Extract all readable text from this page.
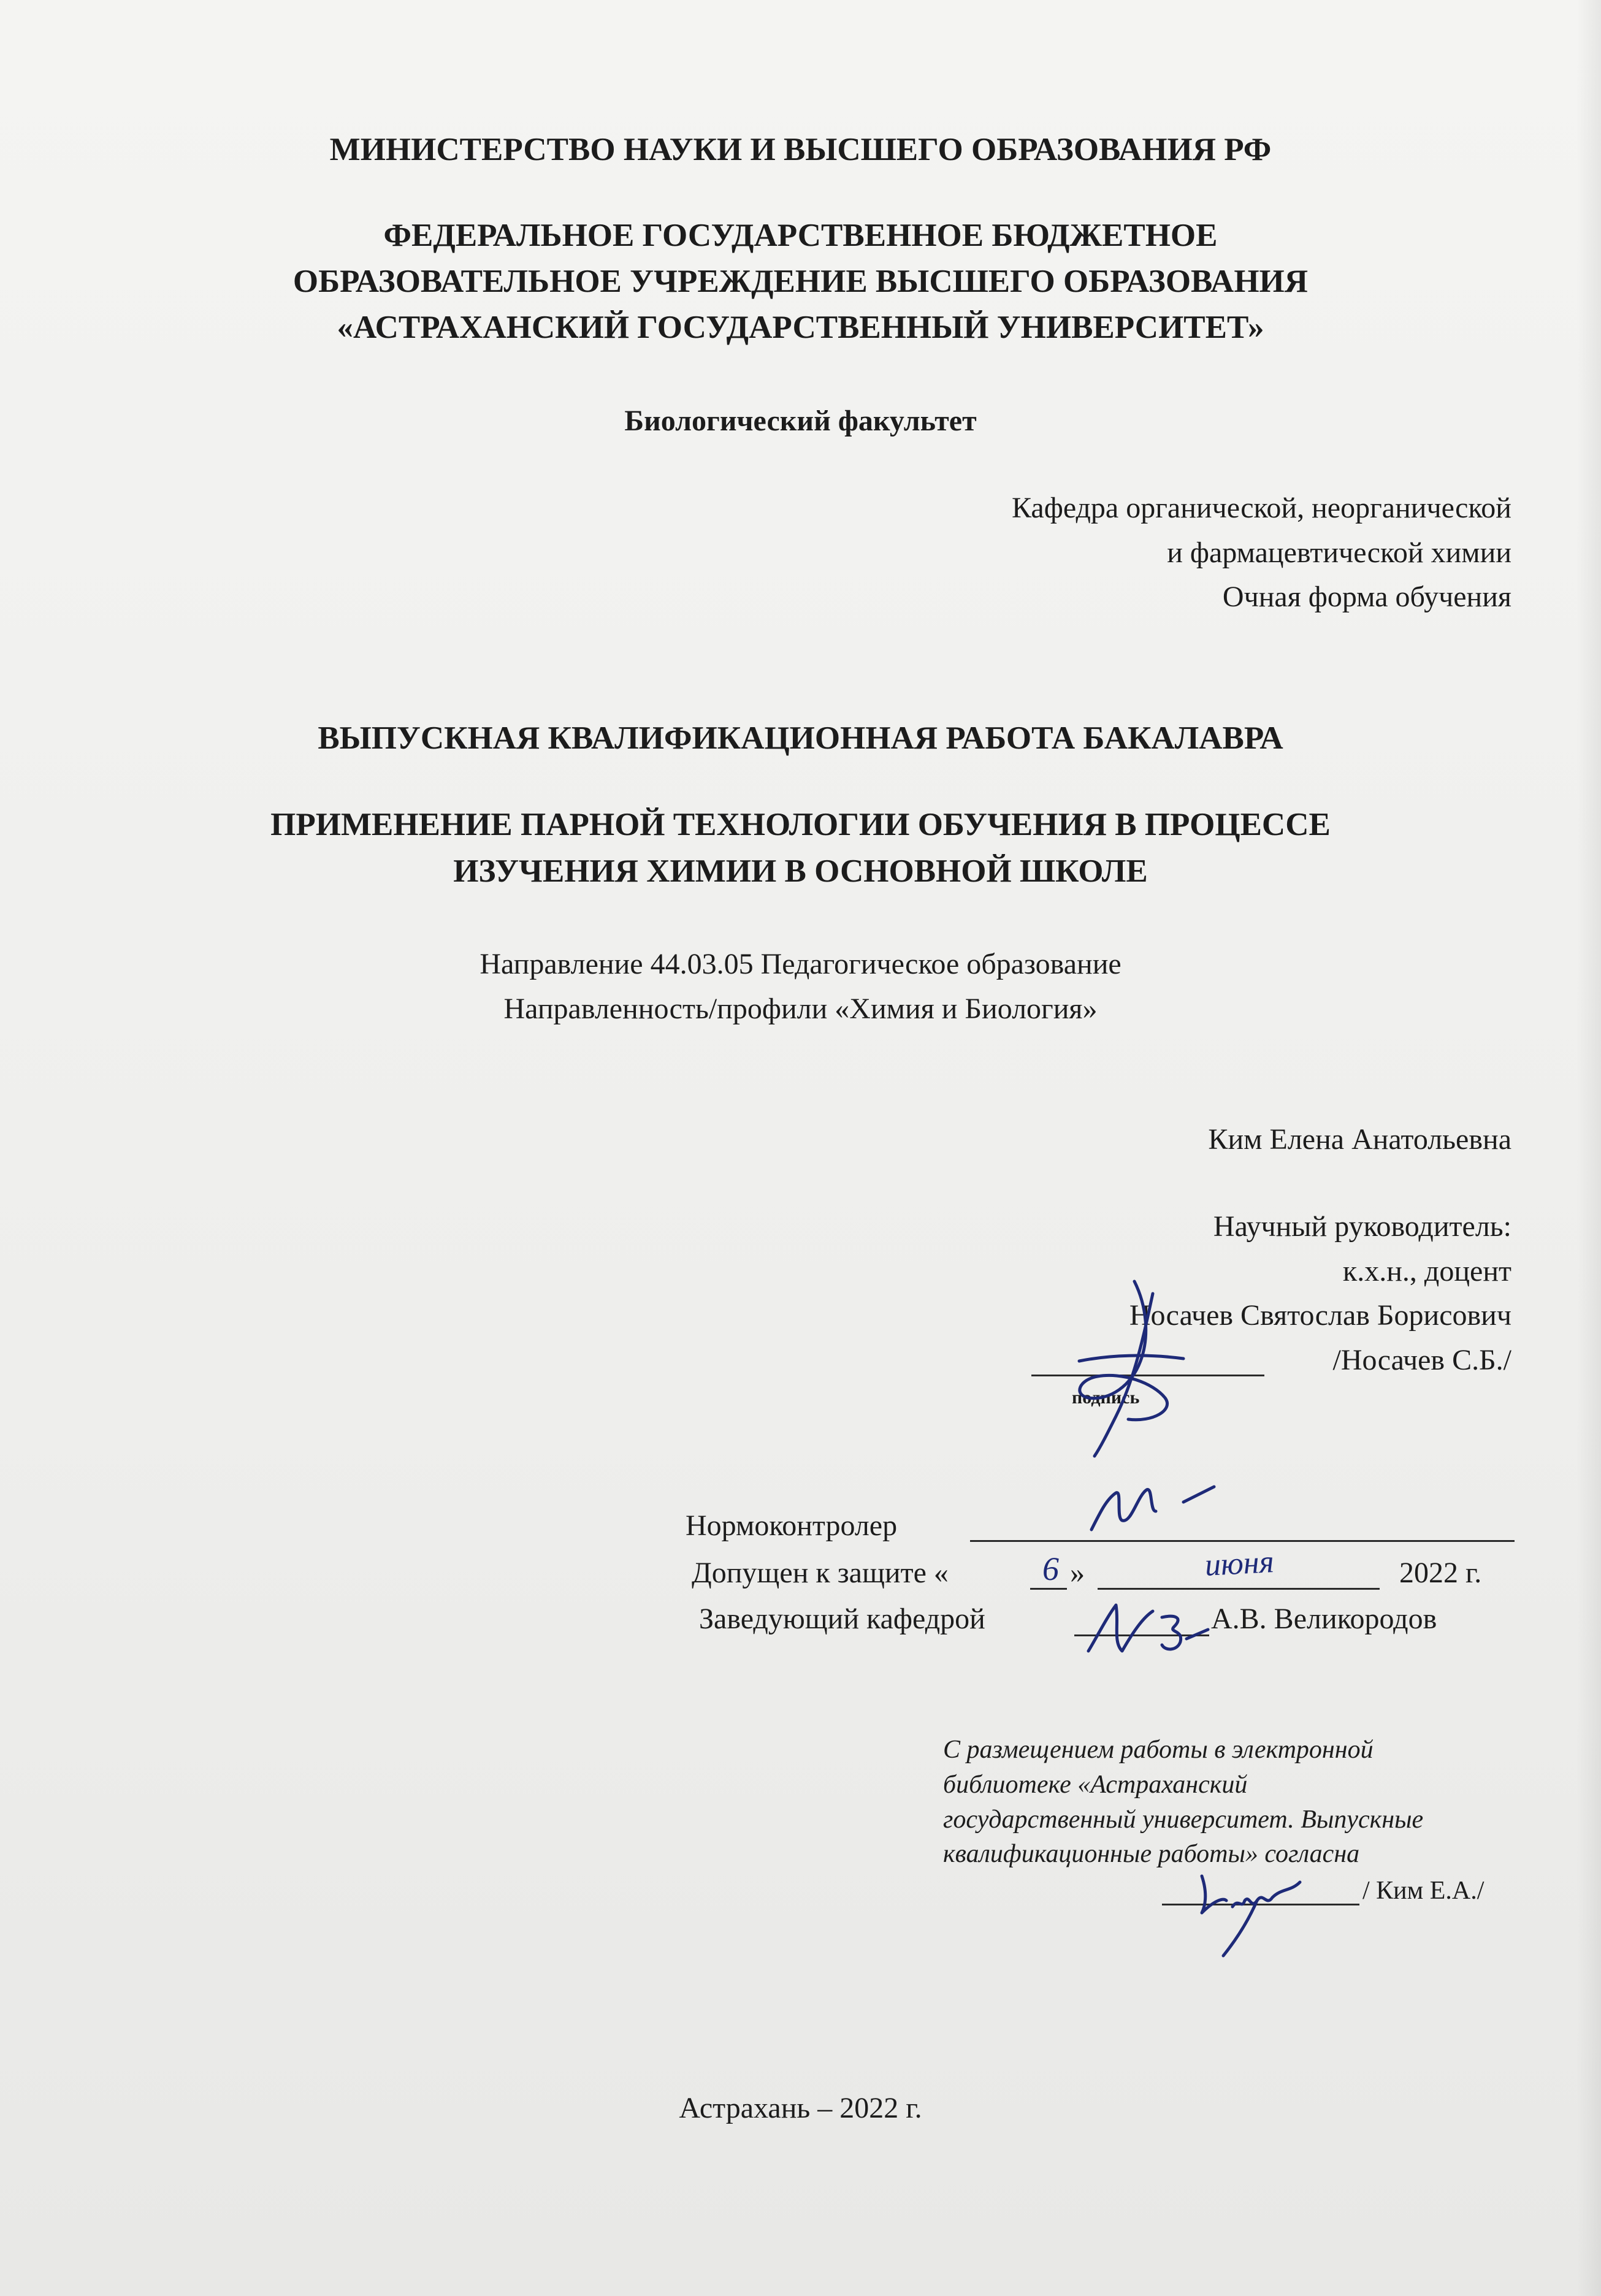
МИНИСТЕРСТВО НАУКИ И ВЫСШЕГО ОБРАЗОВАНИЯ РФ
ФЕДЕРАЛЬНОЕ ГОСУДАРСТВЕННОЕ БЮДЖЕТНОЕ
ОБРАЗОВАТЕЛЬНОЕ УЧРЕЖДЕНИЕ ВЫСШЕГО ОБРАЗОВАНИЯ
«АСТРАХАНСКИЙ ГОСУДАРСТВЕННЫЙ УНИВЕРСИТЕТ»
Биологический факультет
Кафедра органической, неорганической
и фармацевтической химии
Очная форма обучения
ВЫПУСКНАЯ КВАЛИФИКАЦИОННАЯ РАБОТА БАКАЛАВРА
ПРИМЕНЕНИЕ ПАРНОЙ ТЕХНОЛОГИИ ОБУЧЕНИЯ В ПРОЦЕССЕ
ИЗУЧЕНИЯ ХИМИИ В ОСНОВНОЙ ШКОЛЕ
Направление 44.03.05 Педагогическое образование
Направленность/профили «Химия и Биология»
Ким Елена Анатольевна
Научный руководитель:
к.х.н., доцент
Носачев Святослав Борисович
/Носачев С.Б./
подпись
Нормоконтролер
Допущен к защите «	6 »	июня	2022 г.
Заведующий кафедрой	А.В. Великородов
С размещением работы в электронной
библиотеке «Астраханский
государственный университет. Выпускные
квалификационные работы» согласна
/ Ким Е.А./
Астрахань – 2022 г.
